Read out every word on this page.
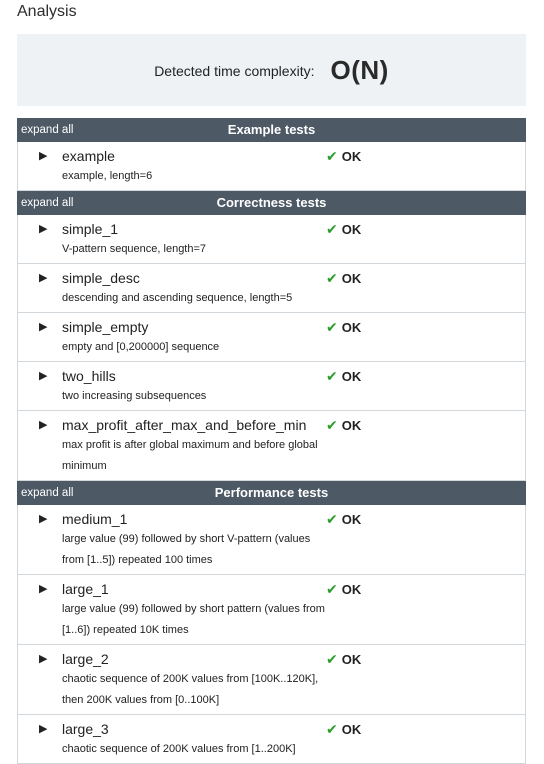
Analysis
Detected time complexity: O(N)
expand all	Example tests
▶ example
example, length=6
✔ OK
expand all	Correctness tests
▶ simple_1
V-pattern sequence, length=7
✔ OK
▶ simple_desc
descending and ascending sequence, length=5
✔ OK
▶ simple_empty
empty and [0,200000] sequence
✔ OK
▶ two_hills
two increasing subsequences
✔ OK
▶ max_profit_after_max_and_before_min
max profit is after global maximum and before global minimum
✔ OK
expand all	Performance tests
▶ medium_1
large value (99) followed by short V-pattern (values from [1..5]) repeated 100 times
✔ OK
▶ large_1
large value (99) followed by short pattern (values from [1..6]) repeated 10K times
✔ OK
▶ large_2
chaotic sequence of 200K values from [100K..120K], then 200K values from [0..100K]
✔ OK
▶ large_3
chaotic sequence of 200K values from [1..200K]
✔ OK
